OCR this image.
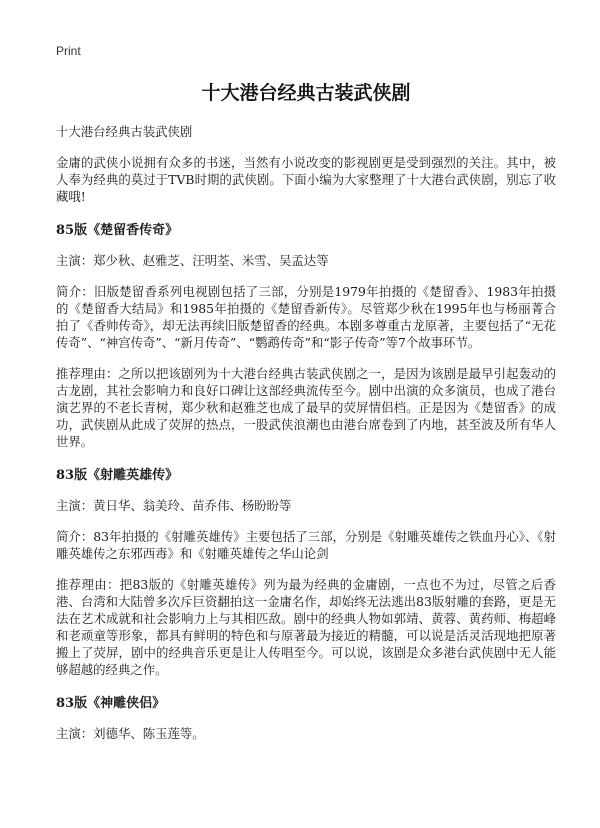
Print
十大港台经典古装武侠剧

十大港台经典古装武侠剧

金庸的武侠小说拥有众多的书迷，当然有小说改变的影视剧更是受到强烈的关注。其中，被人奉为经典的莫过于TVB时期的武侠剧。下面小编为大家整理了十大港台武侠剧，别忘了收藏哦!

85版《楚留香传奇》

主演：郑少秋、赵雅芝、汪明荃、米雪、吴孟达等

简介：旧版楚留香系列电视剧包括了三部，分别是1979年拍摄的《楚留香》、1983年拍摄的《楚留香大结局》和1985年拍摄的《楚留香新传》。尽管郑少秋在1995年也与杨丽菁合拍了《香帅传奇》，却无法再续旧版楚留香的经典。本剧多尊重古龙原著，主要包括了“无花传奇”、“神宫传奇”、“新月传奇”、“鹦鹉传奇”和“影子传奇”等7个故事环节。

推荐理由：之所以把该剧列为十大港台经典古装武侠剧之一，是因为该剧是最早引起轰动的古龙剧，其社会影响力和良好口碑让这部经典流传至今。剧中出演的众多演员，也成了港台演艺界的不老长青树，郑少秋和赵雅芝也成了最早的荧屏情侣档。正是因为《楚留香》的成功，武侠剧从此成了荧屏的热点，一股武侠浪潮也由港台席卷到了内地，甚至波及所有华人世界。

83版《射雕英雄传》

主演：黄日华、翁美玲、苗乔伟、杨盼盼等

简介：83年拍摄的《射雕英雄传》主要包括了三部，分别是《射雕英雄传之铁血丹心》、《射雕英雄传之东邪西毒》和《射雕英雄传之华山论剑

推荐理由：把83版的《射雕英雄传》列为最为经典的金庸剧，一点也不为过，尽管之后香港、台湾和大陆曾多次斥巨资翻拍这一金庸名作，却始终无法逃出83版射雕的套路，更是无法在艺术成就和社会影响力上与其相匹敌。剧中的经典人物如郭靖、黄蓉、黄药师、梅超峰和老顽童等形象，都具有鲜明的特色和与原著最为接近的精髓，可以说是活灵活现地把原著搬上了荧屏，剧中的经典音乐更是让人传唱至今。可以说，该剧是众多港台武侠剧中无人能够超越的经典之作。

83版《神雕侠侣》

主演：刘德华、陈玉莲等。
